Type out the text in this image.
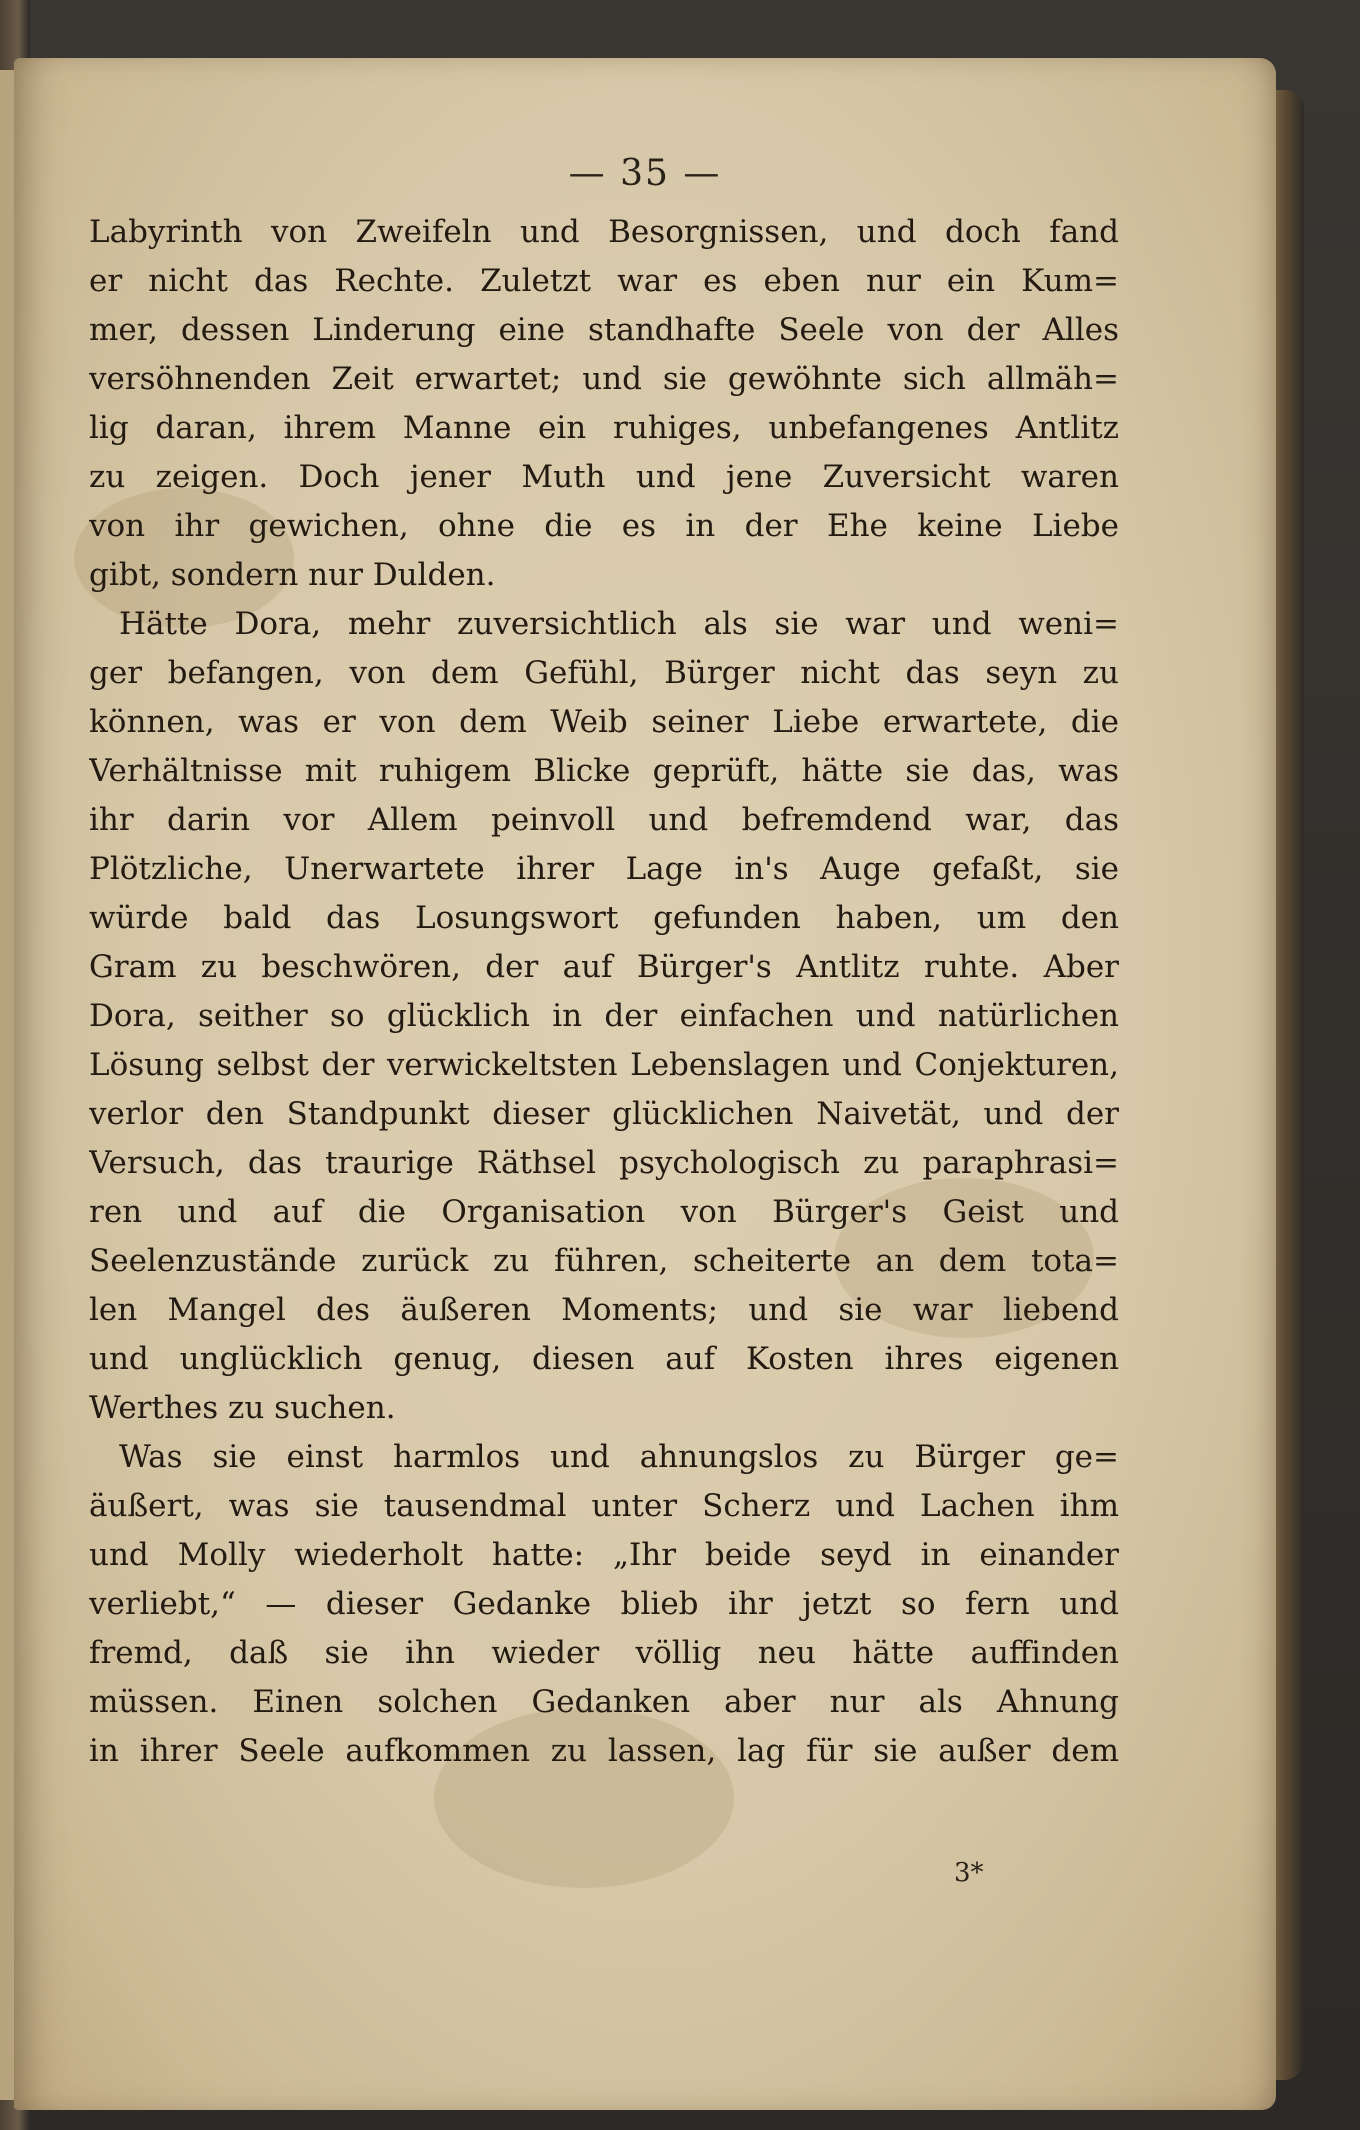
— 35 —
Labyrinth von Zweifeln und Besorgnissen, und doch fand
er nicht das Rechte. Zuletzt war es eben nur ein Kum=
mer, dessen Linderung eine standhafte Seele von der Alles
versöhnenden Zeit erwartet; und sie gewöhnte sich allmäh=
lig daran, ihrem Manne ein ruhiges, unbefangenes Antlitz
zu zeigen. Doch jener Muth und jene Zuversicht waren
von ihr gewichen, ohne die es in der Ehe keine Liebe
gibt, sondern nur Dulden.
Hätte Dora, mehr zuversichtlich als sie war und weni=
ger befangen, von dem Gefühl, Bürger nicht das seyn zu
können, was er von dem Weib seiner Liebe erwartete, die
Verhältnisse mit ruhigem Blicke geprüft, hätte sie das, was
ihr darin vor Allem peinvoll und befremdend war, das
Plötzliche, Unerwartete ihrer Lage in's Auge gefaßt, sie
würde bald das Losungswort gefunden haben, um den
Gram zu beschwören, der auf Bürger's Antlitz ruhte. Aber
Dora, seither so glücklich in der einfachen und natürlichen
Lösung selbst der verwickeltsten Lebenslagen und Conjekturen,
verlor den Standpunkt dieser glücklichen Naivetät, und der
Versuch, das traurige Räthsel psychologisch zu paraphrasi=
ren und auf die Organisation von Bürger's Geist und
Seelenzustände zurück zu führen, scheiterte an dem tota=
len Mangel des äußeren Moments; und sie war liebend
und unglücklich genug, diesen auf Kosten ihres eigenen
Werthes zu suchen.
Was sie einst harmlos und ahnungslos zu Bürger ge=
äußert, was sie tausendmal unter Scherz und Lachen ihm
und Molly wiederholt hatte: „Ihr beide seyd in einander
verliebt,“ — dieser Gedanke blieb ihr jetzt so fern und
fremd, daß sie ihn wieder völlig neu hätte auffinden
müssen. Einen solchen Gedanken aber nur als Ahnung
in ihrer Seele aufkommen zu lassen, lag für sie außer dem
3*
